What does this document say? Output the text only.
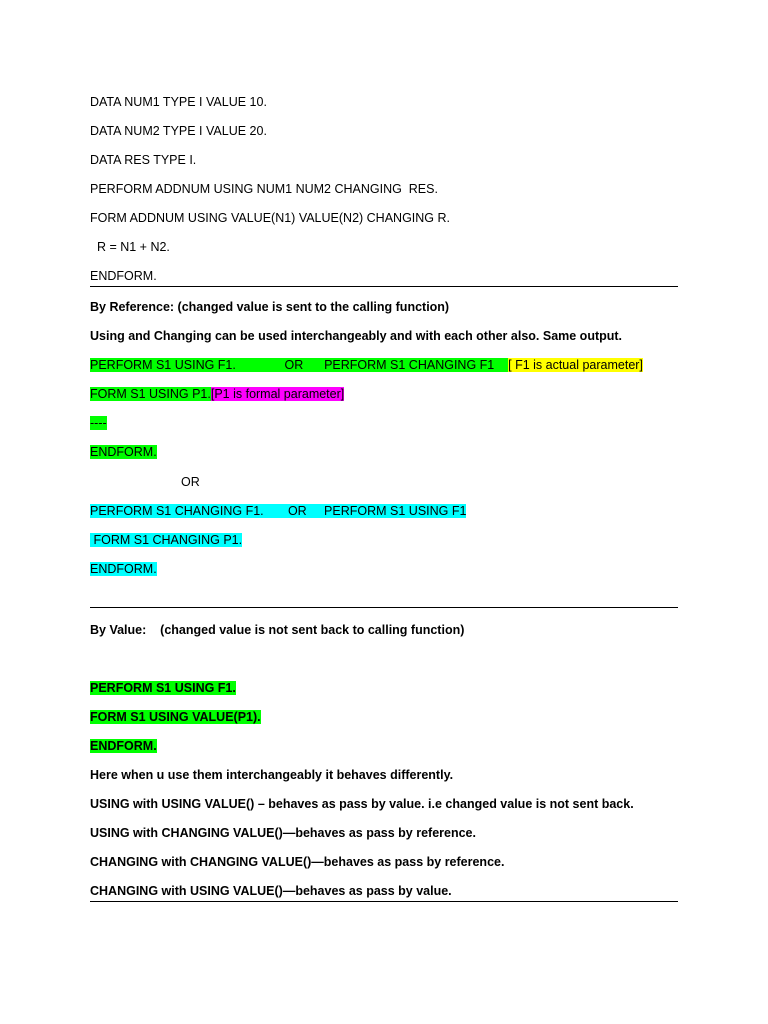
DATA NUM1 TYPE I VALUE 10.
DATA NUM2 TYPE I VALUE 20.
DATA RES TYPE I.
PERFORM ADDNUM USING NUM1 NUM2 CHANGING  RES.
FORM ADDNUM USING VALUE(N1) VALUE(N2) CHANGING R.
R = N1 + N2.
ENDFORM.
By Reference: (changed value is sent to the calling function)
Using and Changing can be used interchangeably and with each other also. Same output.
PERFORM S1 USING F1.              OR      PERFORM S1 CHANGING F1    [ F1 is actual parameter]
FORM S1 USING P1.[P1 is formal parameter]
----
ENDFORM.
OR
PERFORM S1 CHANGING F1.       OR     PERFORM S1 USING F1
FORM S1 CHANGING P1.
ENDFORM.
By Value:    (changed value is not sent back to calling function)
PERFORM S1 USING F1.
FORM S1 USING VALUE(P1).
ENDFORM.
Here when u use them interchangeably it behaves differently.
USING with USING VALUE() – behaves as pass by value. i.e changed value is not sent back.
USING with CHANGING VALUE()—behaves as pass by reference.
CHANGING with CHANGING VALUE()—behaves as pass by reference.
CHANGING with USING VALUE()—behaves as pass by value.
